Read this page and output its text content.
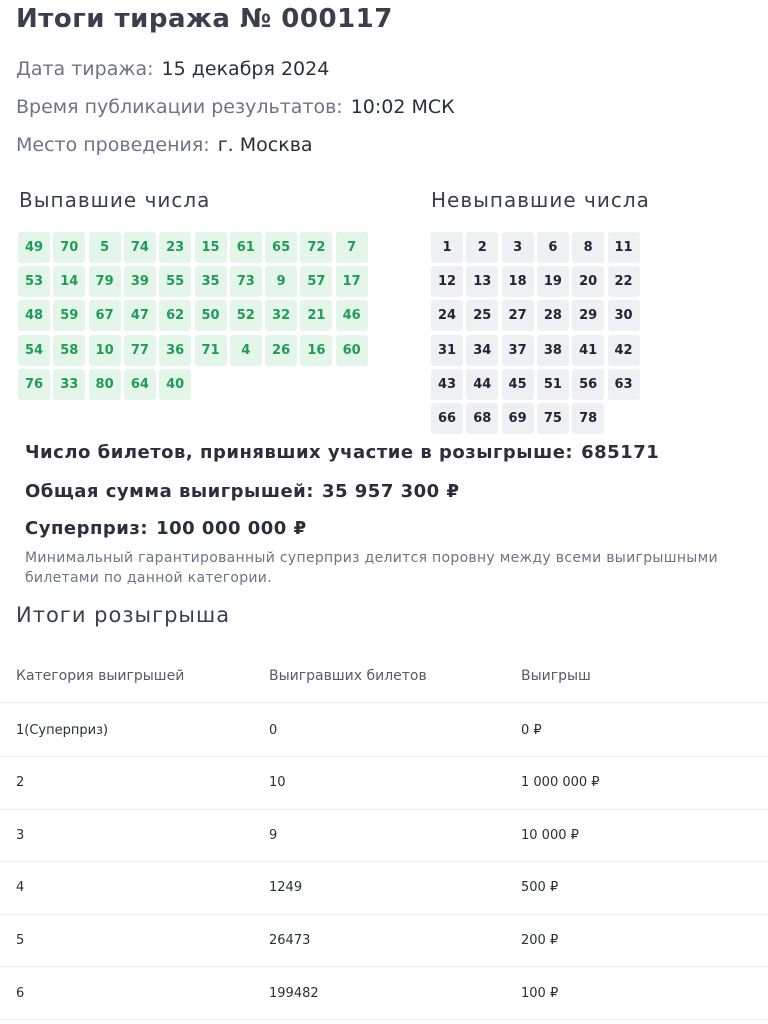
Итоги тиража № 000117
Дата тиража: 15 декабря 2024
Время публикации результатов: 10:02 МСК
Место проведения: г. Москва
Выпавшие числа	Невыпавшие числа
49	70	5	74	23	15	61	65	72	7
53	14	79	39	55	35	73	9	57	17
48	59	67	47	62	50	52	32	21	46
54	58	10	77	36	71	4	26	16	60
76	33	80	64	40
1	2	3	6	8	11
12	13	18	19	20	22
24	25	27	28	29	30
31	34	37	38	41	42
43	44	45	51	56	63
66	68	69	75	78
Число билетов, принявших участие в розыгрыше: 685171
Общая сумма выигрышей: 35 957 300 ₽
Суперприз: 100 000 000 ₽
Минимальный гарантированный суперприз делится поровну между всеми выигрышными билетами по данной категории.
Итоги розыгрыша
Категория выигрышей	Выигравших билетов	Выигрыш
1(Суперприз)	0	0 ₽
2	10	1 000 000 ₽
3	9	10 000 ₽
4	1249	500 ₽
5	26473	200 ₽
6	199482	100 ₽
